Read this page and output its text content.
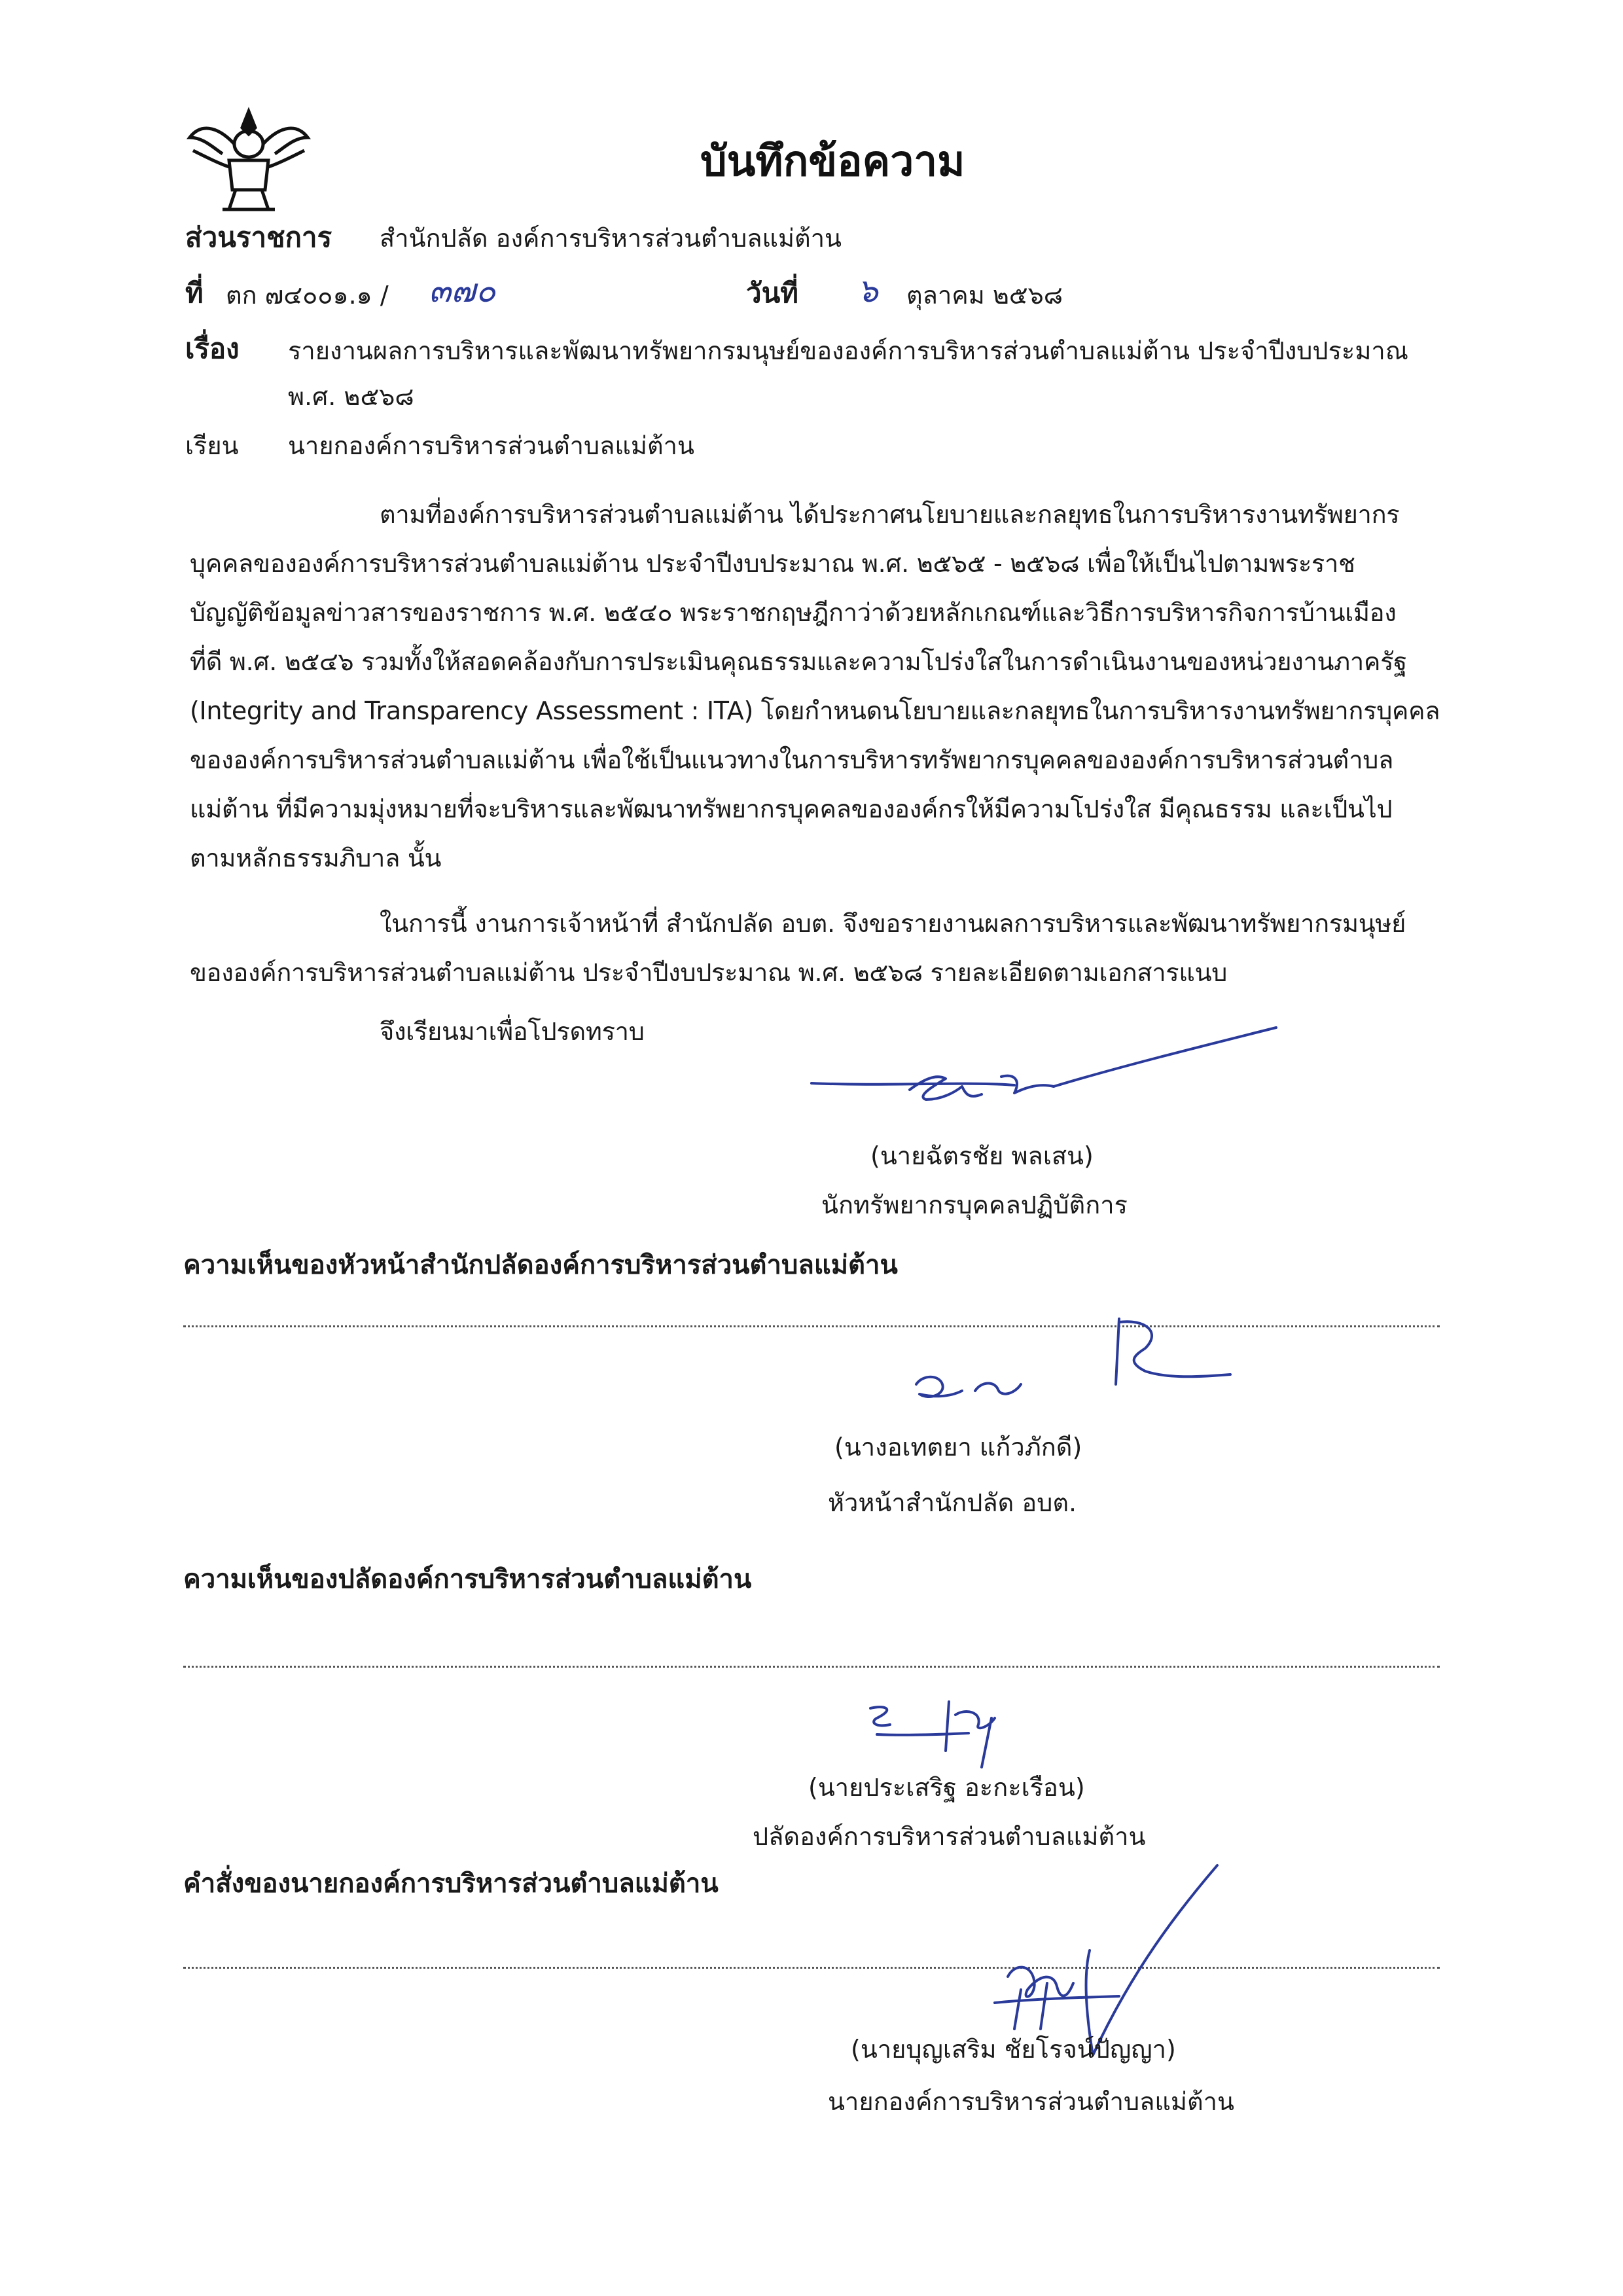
บันทึกข้อความ
ส่วนราชการ สำนักปลัด องค์การบริหารส่วนตำบลแม่ต้าน
ที่ ตก ๗๔๐๐๑.๑ / ๓๗๐	วันที่ ๖ ตุลาคม ๒๕๖๘
เรื่อง รายงานผลการบริหารและพัฒนาทรัพยากรมนุษย์ขององค์การบริหารส่วนตำบลแม่ต้าน ประจำปีงบประมาณ
พ.ศ. ๒๕๖๘
เรียน นายกองค์การบริหารส่วนตำบลแม่ต้าน
ตามที่องค์การบริหารส่วนตำบลแม่ต้าน ได้ประกาศนโยบายและกลยุทธในการบริหารงานทรัพยากร
บุคคลขององค์การบริหารส่วนตำบลแม่ต้าน ประจำปีงบประมาณ พ.ศ. ๒๕๖๕ - ๒๕๖๘ เพื่อให้เป็นไปตามพระราช
บัญญัติข้อมูลข่าวสารของราชการ พ.ศ. ๒๕๔๐ พระราชกฤษฎีกาว่าด้วยหลักเกณฑ์และวิธีการบริหารกิจการบ้านเมือง
ที่ดี พ.ศ. ๒๕๔๖ รวมทั้งให้สอดคล้องกับการประเมินคุณธรรมและความโปร่งใสในการดำเนินงานของหน่วยงานภาครัฐ
(Integrity and Transparency Assessment : ITA) โดยกำหนดนโยบายและกลยุทธในการบริหารงานทรัพยากรบุคคล
ขององค์การบริหารส่วนตำบลแม่ต้าน เพื่อใช้เป็นแนวทางในการบริหารทรัพยากรบุคคลขององค์การบริหารส่วนตำบล
แม่ต้าน ที่มีความมุ่งหมายที่จะบริหารและพัฒนาทรัพยากรบุคคลขององค์กรให้มีความโปร่งใส มีคุณธรรม และเป็นไป
ตามหลักธรรมภิบาล นั้น
ในการนี้ งานการเจ้าหน้าที่ สำนักปลัด อบต. จึงขอรายงานผลการบริหารและพัฒนาทรัพยากรมนุษย์
ขององค์การบริหารส่วนตำบลแม่ต้าน ประจำปีงบประมาณ พ.ศ. ๒๕๖๘ รายละเอียดตามเอกสารแนบ
จึงเรียนมาเพื่อโปรดทราบ
(นายฉัตรชัย พลเสน)
นักทรัพยากรบุคคลปฏิบัติการ
ความเห็นของหัวหน้าสำนักปลัดองค์การบริหารส่วนตำบลแม่ต้าน
(นางอเทตยา แก้วภักดี)
หัวหน้าสำนักปลัด อบต.
ความเห็นของปลัดองค์การบริหารส่วนตำบลแม่ต้าน
(นายประเสริฐ อะกะเรือน)
ปลัดองค์การบริหารส่วนตำบลแม่ต้าน
คำสั่งของนายกองค์การบริหารส่วนตำบลแม่ต้าน
(นายบุญเสริม ชัยโรจน์ปัญญา)
นายกองค์การบริหารส่วนตำบลแม่ต้าน
